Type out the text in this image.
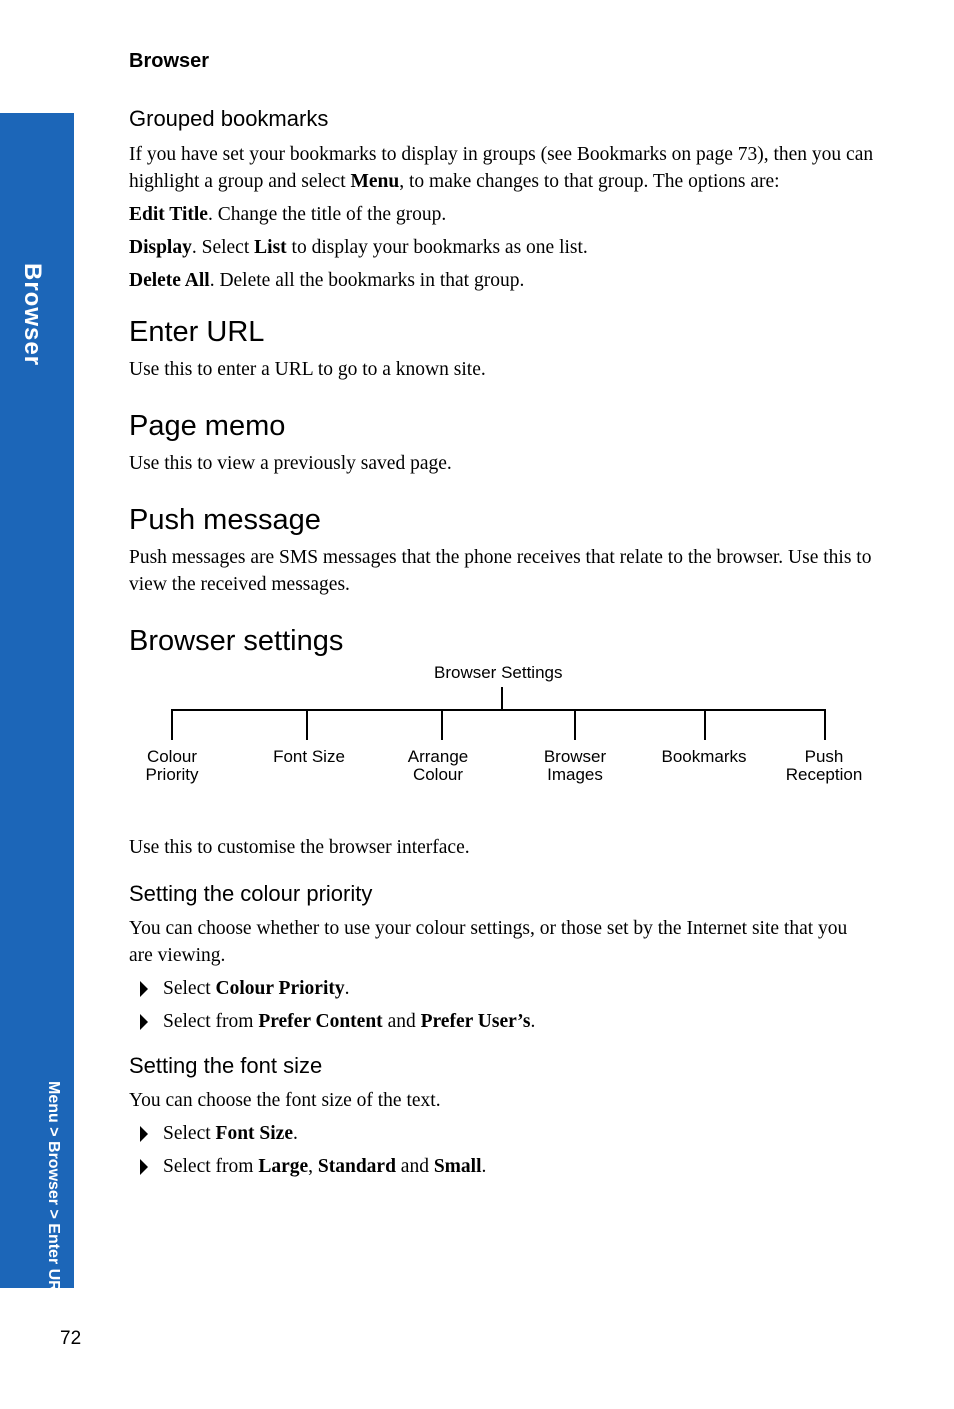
Browser
Menu > Browser > Enter URL
Browser
Grouped bookmarks

If you have set your bookmarks to display in groups (see Bookmarks on page 73), then you can highlight a group and select Menu, to make changes to that group. The options are:

Edit Title. Change the title of the group.

Display. Select List to display your bookmarks as one list.

Delete All. Delete all the bookmarks in that group.

Enter URL

Use this to enter a URL to go to a known site.

Page memo

Use this to view a previously saved page.

Push message

Push messages are SMS messages that the phone receives that relate to the browser. Use this to view the received messages.

Browser settings
Browser Settings
Colour
Priority
Font Size	Arrange
Colour
Browser
Images
Bookmarks	Push
Reception

Use this to customise the browser interface.

Setting the colour priority

You can choose whether to use your colour settings, or those set by the Internet site that you are viewing.

Select Colour Priority.
Select from Prefer Content and Prefer User’s.
Setting the font size

You can choose the font size of the text.

Select Font Size.
Select from Large, Standard and Small.
72
